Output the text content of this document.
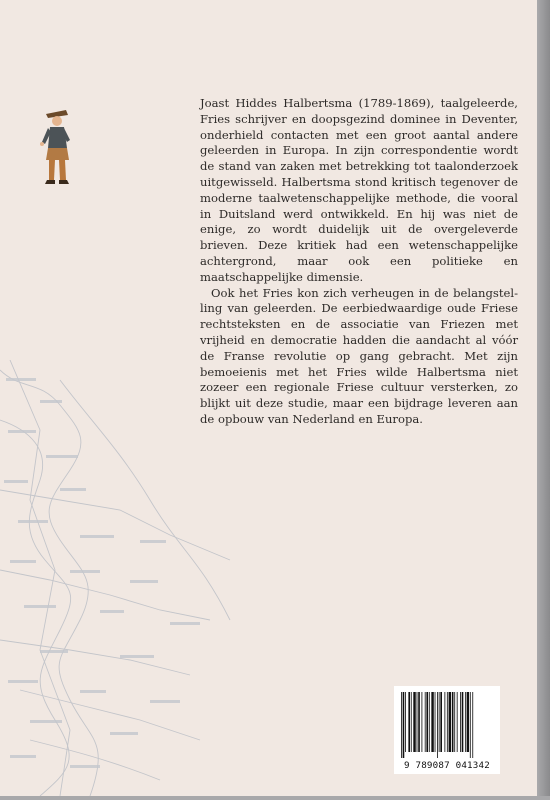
Joast Hiddes Halbertsma (1789-1869), taalgeleerde, Fries schrijver en doopsgezind dominee in Deventer, onderhield contacten met een groot aantal andere geleerden in Europa. In zijn correspondentie wordt de stand van zaken met betrekking tot taalonderzoek uitgewisseld. Halbertsma stond kritisch tegenover de moderne taalwetenschappelijke methode, die vooral in Duitsland werd ontwikkeld. En hij was niet de enige, zo wordt duidelijk uit de overgeleverde brieven. Deze kritiek had een wetenschappelijke achtergrond, maar ook een politieke en maatschappelijke dimensie.

Ook het Fries kon zich verheugen in de belangstelling van geleerden. De eerbiedwaardige oude Friese rechtsteksten en de associatie van Friezen met vrijheid en democratie hadden die aandacht al vóór de Franse revolutie op gang gebracht. Met zijn bemoeienis met het Fries wilde Halbertsma niet zozeer een regionale Friese cultuur versterken, zo blijkt uit deze studie, maar een bijdrage leveren aan de opbouw van Nederland en Europa.

9 789087 041342
